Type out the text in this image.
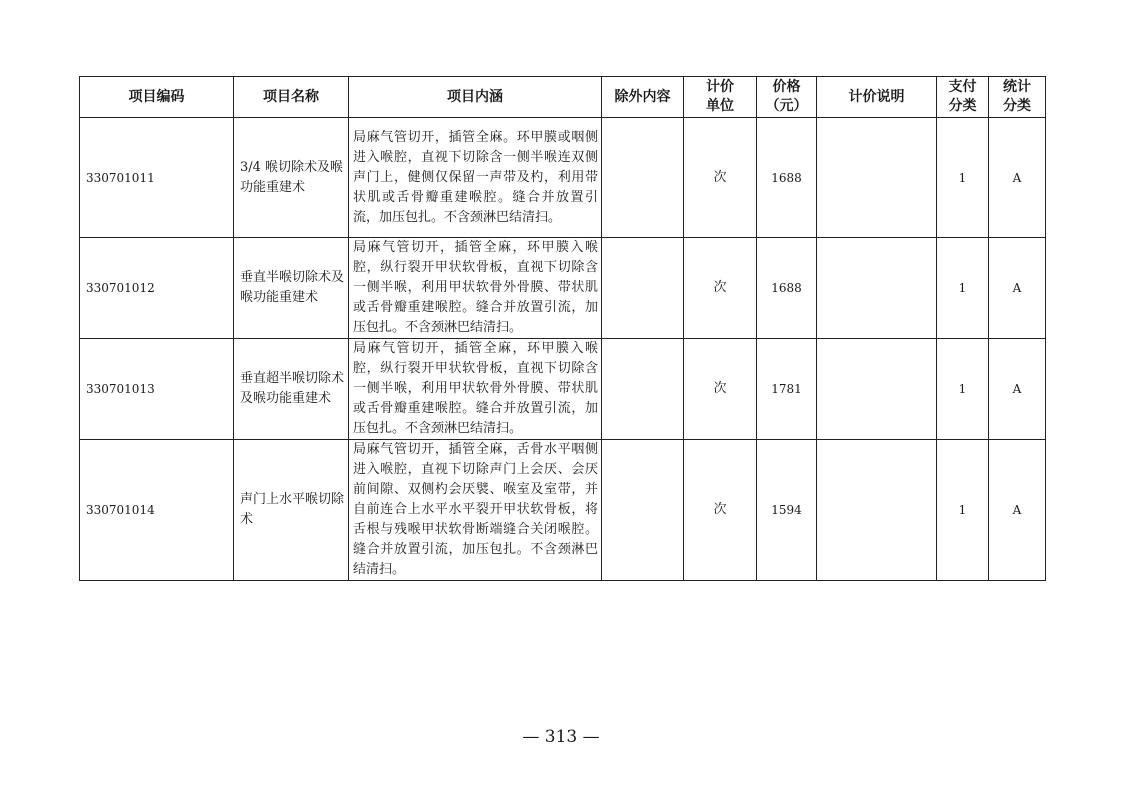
项目编码	项目名称	项目内涵	除外内容	计价单位	价格（元）	计价说明	支付分类	统计分类
330701011	3/4 喉切除术及喉功能重建术	局麻气管切开，插管全麻。环甲膜或咽侧进入喉腔，直视下切除含一侧半喉连双侧声门上，健侧仅保留一声带及杓，利用带状肌或舌骨瓣重建喉腔。缝合并放置引流，加压包扎。不含颈淋巴结清扫。		次	1688		1	A
330701012	垂直半喉切除术及喉功能重建术	局麻气管切开，插管全麻，环甲膜入喉腔，纵行裂开甲状软骨板，直视下切除含一侧半喉，利用甲状软骨外骨膜、带状肌或舌骨瓣重建喉腔。缝合并放置引流，加压包扎。不含颈淋巴结清扫。		次	1688		1	A
330701013	垂直超半喉切除术及喉功能重建术	局麻气管切开，插管全麻，环甲膜入喉腔，纵行裂开甲状软骨板，直视下切除含一侧半喉，利用甲状软骨外骨膜、带状肌或舌骨瓣重建喉腔。缝合并放置引流，加压包扎。不含颈淋巴结清扫。		次	1781		1	A
330701014	声门上水平喉切除术	局麻气管切开，插管全麻，舌骨水平咽侧进入喉腔，直视下切除声门上会厌、会厌前间隙、双侧杓会厌襞、喉室及室带，并自前连合上水平水平裂开甲状软骨板，将舌根与残喉甲状软骨断端缝合关闭喉腔。缝合并放置引流，加压包扎。不含颈淋巴结清扫。		次	1594		1	A
— 313 —
